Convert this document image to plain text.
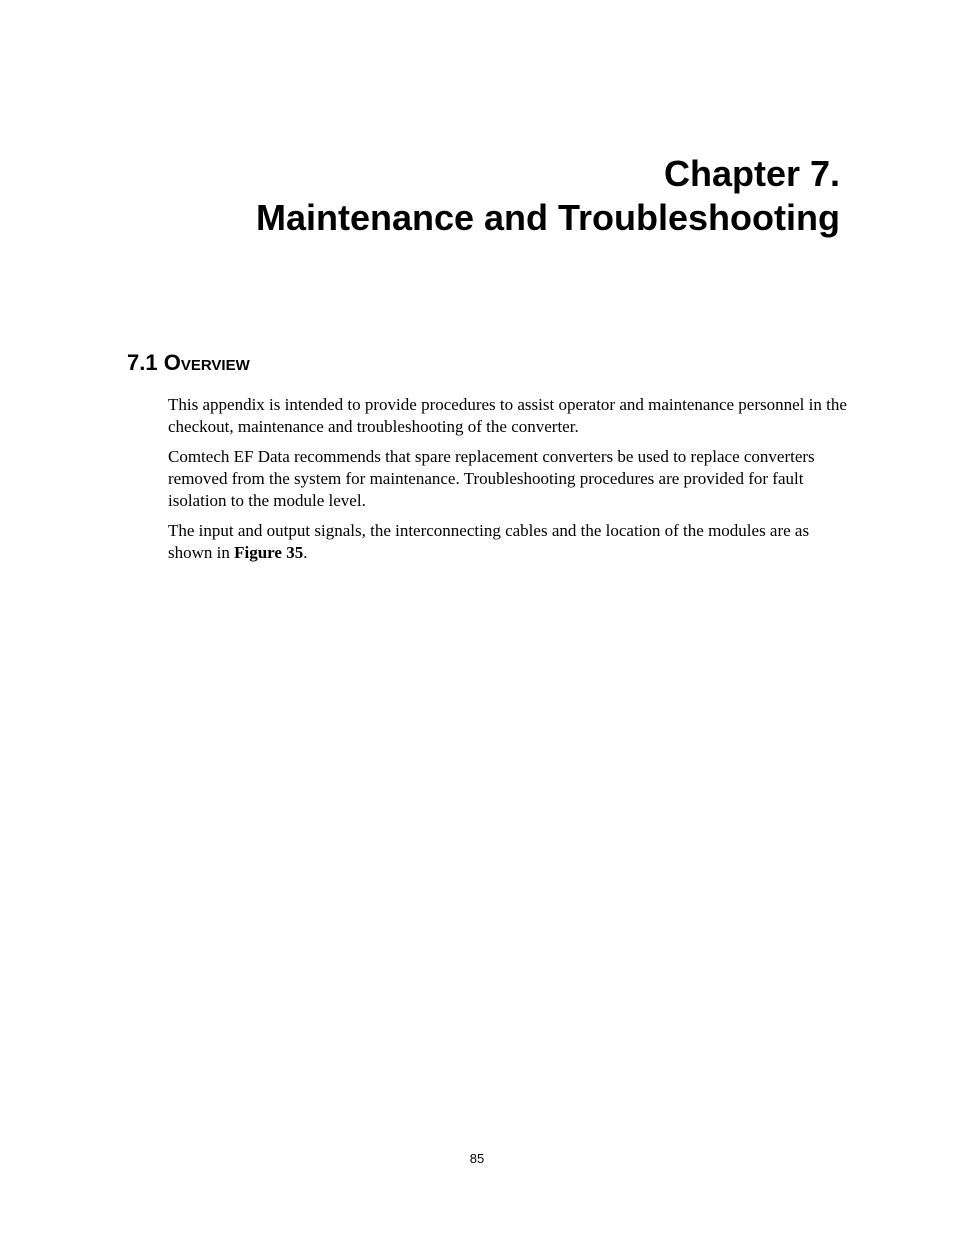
Chapter 7.
Maintenance and Troubleshooting
7.1 Overview

This appendix is intended to provide procedures to assist operator and maintenance personnel in the checkout, maintenance and troubleshooting of the converter.

Comtech EF Data recommends that spare replacement converters be used to replace converters removed from the system for maintenance. Troubleshooting procedures are provided for fault isolation to the module level.

The input and output signals, the interconnecting cables and the location of the modules are as shown in Figure 35.

85
